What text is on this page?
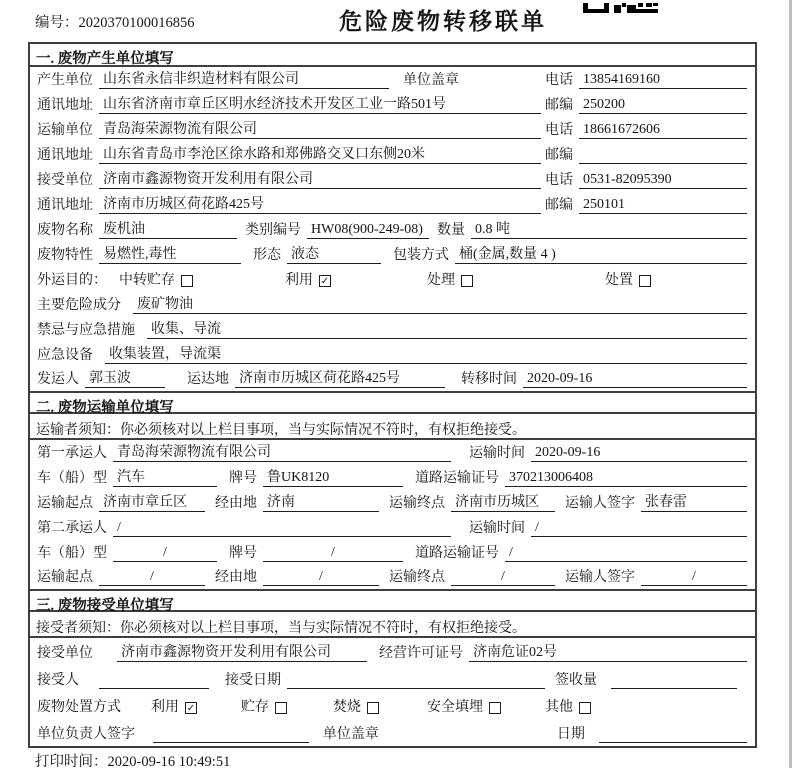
编号：2020370100016856	危险废物转移联单
一. 废物产生单位填写
产生单位 山东省永信非织造材料有限公司	单位盖章	电话 13854169160
通讯地址 山东省济南市章丘区明水经济技术开发区工业一路501号	邮编 250200
运输单位 青岛海荣源物流有限公司	电话 18661672606
通讯地址 山东省青岛市李沧区徐水路和郑佛路交叉口东侧20米	邮编
接受单位 济南市鑫源物资开发利用有限公司	电话 0531-82095390
通讯地址 济南市历城区荷花路425号	邮编 250101
废物名称 废机油	类别编号 HW08(900-249-08)	数量 0.8 吨
废物特性 易燃性,毒性	形态 液态	包装方式 桶(金属,数量 4 )
外运目的： 中转贮存	利用 ✓	处理	处置
主要危险成分 废矿物油
禁忌与应急措施 收集、导流
应急设备 收集装置，导流渠
发运人 郭玉波	运达地 济南市历城区荷花路425号	转移时间 2020-09-16
二. 废物运输单位填写
运输者须知：你必须核对以上栏目事项，当与实际情况不符时，有权拒绝接受。
第一承运人 青岛海荣源物流有限公司	运输时间 2020-09-16
车（船）型 汽车	牌号 鲁UK8120	道路运输证号 370213006408
运输起点 济南市章丘区	经由地 济南	运输终点 济南市历城区	运输人签字 张春雷
第二承运人 /	运输时间 /
车（船）型	/	牌号	/	道路运输证号 /
运输起点	/	经由地	/	运输终点	/	运输人签字	/
三. 废物接受单位填写
接受者须知：你必须核对以上栏目事项，当与实际情况不符时，有权拒绝接受。
接受单位 济南市鑫源物资开发利用有限公司	经营许可证号 济南危证02号
接受人	接受日期	签收量
废物处置方式 利用 ✓	贮存	焚烧	安全填埋	其他
单位负责人签字	单位盖章	日期
打印时间：2020-09-16 10:49:51
